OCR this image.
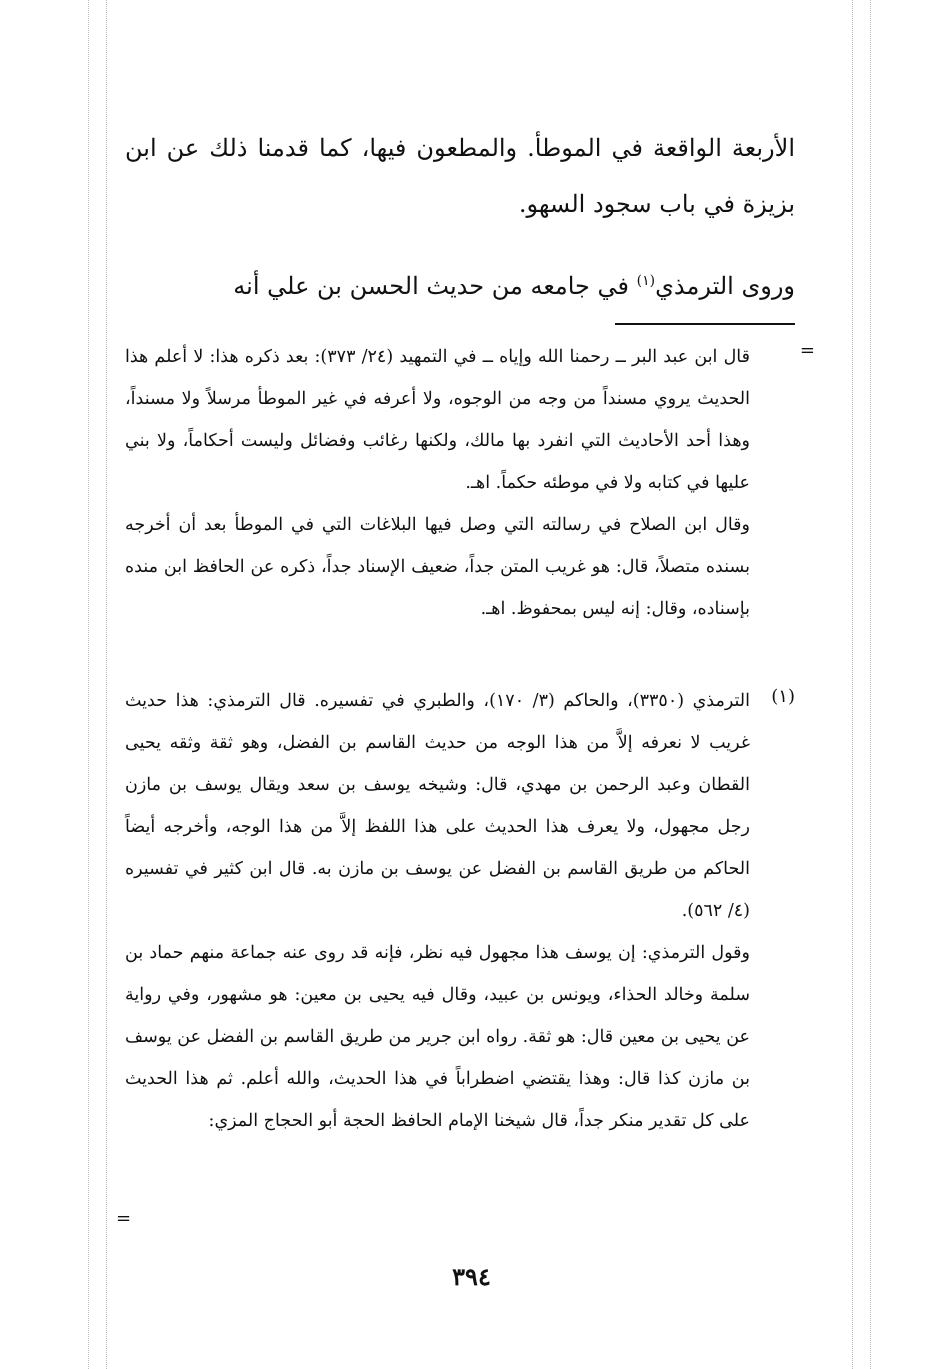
الأربعة الواقعة في الموطأ. والمطعون فيها، كما قدمنا ذلك عن ابن بزيزة في باب سجود السهو.

وروى الترمذي$^{(١)}$ في جامعه من حديث الحسن بن علي أنه

=

قال ابن عبد البر ــ رحمنا الله وإياه ــ في التمهيد (٢٤/ ٣٧٣): بعد ذكره هذا: لا أعلم هذا الحديث يروي مسنداً من وجه من الوجوه، ولا أعرفه في غير الموطأ مرسلاً ولا مسنداً، وهذا أحد الأحاديث التي انفرد بها مالك، ولكنها رغائب وفضائل وليست أحكاماً، ولا بني عليها في كتابه ولا في موطئه حكماً. اهـ.

وقال ابن الصلاح في رسالته التي وصل فيها البلاغات التي في الموطأ بعد أن أخرجه بسنده متصلاً، قال: هو غريب المتن جداً، ضعيف الإسناد جداً، ذكره عن الحافظ ابن منده بإسناده، وقال: إنه ليس بمحفوظ. اهـ.

(١)

الترمذي (٣٣٥٠)، والحاكم (٣/ ١٧٠)، والطبري في تفسيره. قال الترمذي: هذا حديث غريب لا نعرفه إلاَّ من هذا الوجه من حديث القاسم بن الفضل، وهو ثقة وثقه يحيى القطان وعبد الرحمن بن مهدي، قال: وشيخه يوسف بن سعد ويقال يوسف بن مازن رجل مجهول، ولا يعرف هذا الحديث على هذا اللفظ إلاَّ من هذا الوجه، وأخرجه أيضاً الحاكم من طريق القاسم بن الفضل عن يوسف بن مازن به. قال ابن كثير في تفسيره (٤/ ٥٦٢).

وقول الترمذي: إن يوسف هذا مجهول فيه نظر، فإنه قد روى عنه جماعة منهم حماد بن سلمة وخالد الحذاء، ويونس بن عبيد، وقال فيه يحيى بن معين: هو مشهور، وفي رواية عن يحيى بن معين قال: هو ثقة. رواه ابن جرير من طريق القاسم بن الفضل عن يوسف بن مازن كذا قال: وهذا يقتضي اضطراباً في هذا الحديث، والله أعلم. ثم هذا الحديث على كل تقدير منكر جداً، قال شيخنا الإمام الحافظ الحجة أبو الحجاج المزي:

=
٣٩٤
